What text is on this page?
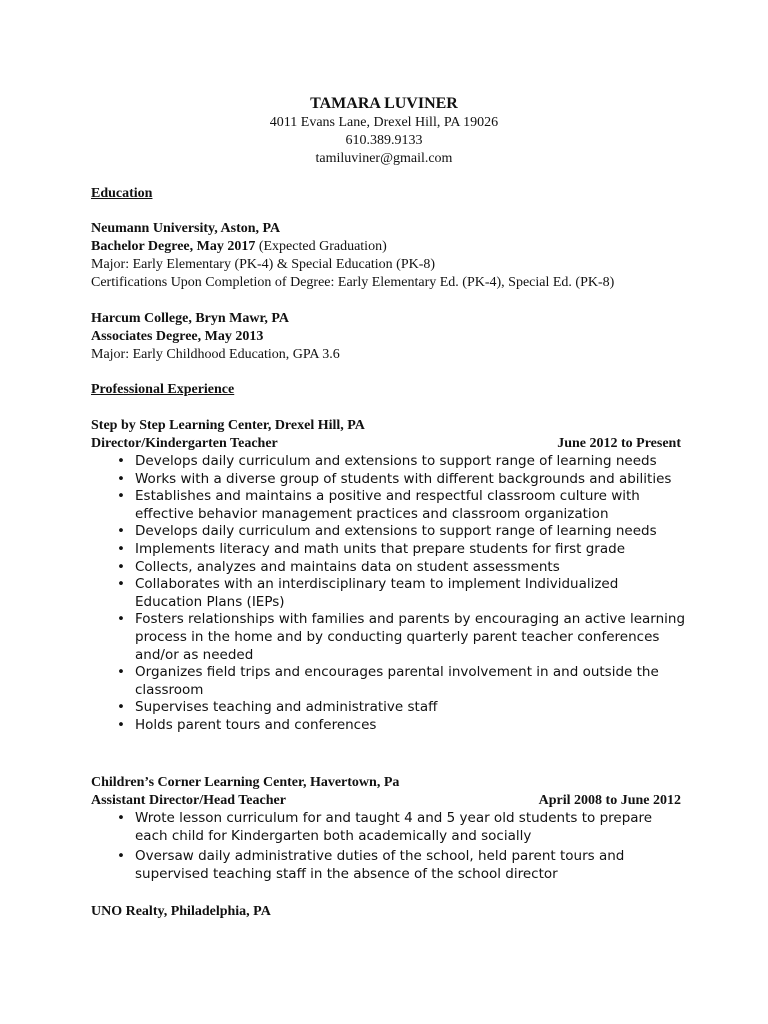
TAMARA LUVINER
4011 Evans Lane, Drexel Hill, PA 19026
610.389.9133
tamiluviner@gmail.com
Education
Neumann University, Aston, PA
Bachelor Degree, May 2017 (Expected Graduation)
Major: Early Elementary (PK-4) & Special Education (PK-8)
Certifications Upon Completion of Degree: Early Elementary Ed. (PK-4), Special Ed. (PK-8)
Harcum College, Bryn Mawr, PA
Associates Degree, May 2013
Major: Early Childhood Education, GPA 3.6
Professional Experience
Step by Step Learning Center, Drexel Hill, PA
Director/Kindergarten Teacher	June 2012 to Present
• Develops daily curriculum and extensions to support range of learning needs
• Works with a diverse group of students with different backgrounds and abilities
• Establishes and maintains a positive and respectful classroom culture with effective behavior management practices and classroom organization
• Develops daily curriculum and extensions to support range of learning needs
• Implements literacy and math units that prepare students for first grade
• Collects, analyzes and maintains data on student assessments
• Collaborates with an interdisciplinary team to implement Individualized Education Plans (IEPs)
• Fosters relationships with families and parents by encouraging an active learning process in the home and by conducting quarterly parent teacher conferences and/or as needed
• Organizes field trips and encourages parental involvement in and outside the classroom
• Supervises teaching and administrative staff
• Holds parent tours and conferences
Children’s Corner Learning Center, Havertown, Pa
Assistant Director/Head Teacher	April 2008 to June 2012
• Wrote lesson curriculum for and taught 4 and 5 year old students to prepare each child for Kindergarten both academically and socially
• Oversaw daily administrative duties of the school, held parent tours and supervised teaching staff in the absence of the school director
UNO Realty, Philadelphia, PA
